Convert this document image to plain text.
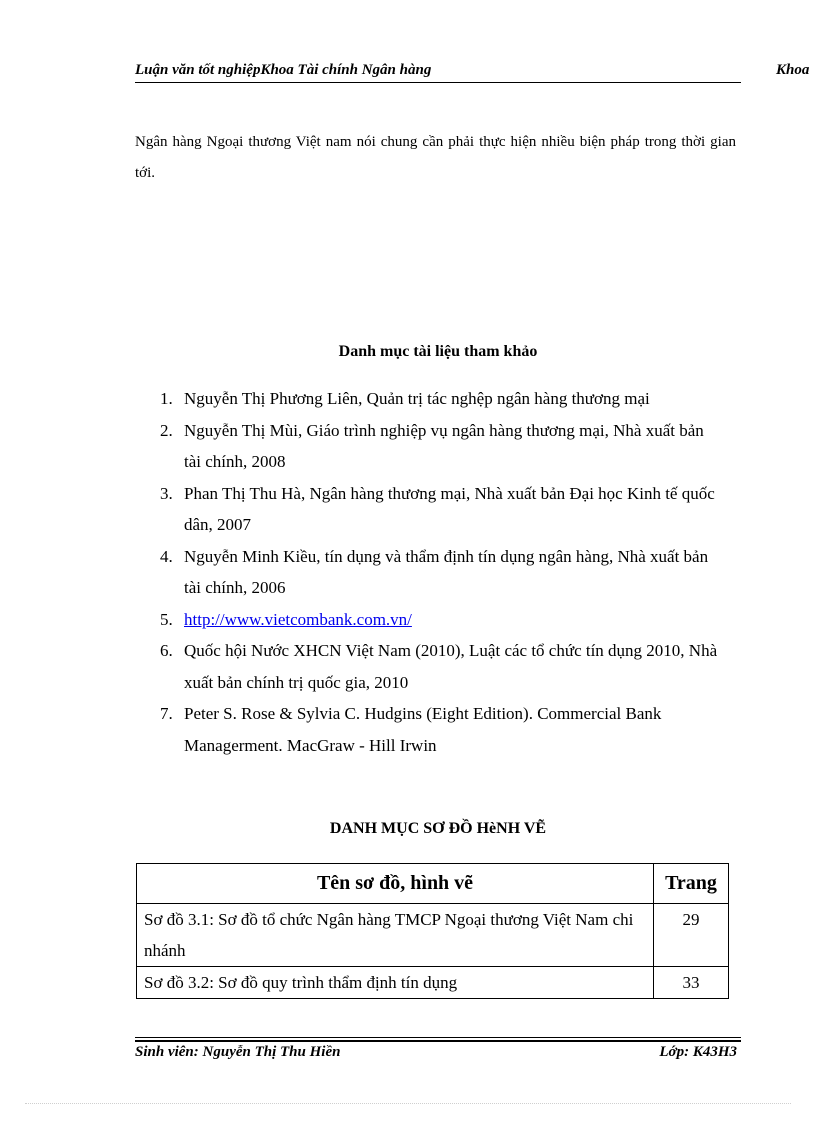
Luận văn tốt nghiệpKhoa Tài chính Ngân hàng	Khoa
Ngân hàng Ngoại thương Việt nam nói chung cần phải thực hiện nhiều biện pháp trong thời gian tới.
Danh mục tài liệu tham khảo
1. Nguyễn Thị Phương Liên, Quản trị tác nghệp ngân hàng thương mại
2. Nguyễn Thị Mùi, Giáo trình nghiệp vụ ngân hàng thương mại, Nhà xuất bản tài chính, 2008
3. Phan Thị Thu Hà, Ngân hàng thương mại, Nhà xuất bản Đại học Kinh tế quốc dân, 2007
4. Nguyễn Minh Kiều, tín dụng và thẩm định tín dụng ngân hàng, Nhà xuất bản tài chính, 2006
5. http://www.vietcombank.com.vn/
6. Quốc hội Nước XHCN Việt Nam (2010), Luật các tổ chức tín dụng 2010, Nhà xuất bản chính trị quốc gia, 2010
7. Peter S. Rose & Sylvia C. Hudgins (Eight Edition). Commercial Bank Managerment. MacGraw - Hill Irwin
DANH MỤC SƠ ĐỒ HèNH VẼ
Tên sơ đồ, hình vẽ	Trang
Sơ đồ 3.1: Sơ đồ tổ chức Ngân hàng TMCP Ngoại thương Việt Nam chi nhánh	29
Sơ đồ 3.2: Sơ đồ quy trình thẩm định tín dụng	33
Sinh viên: Nguyễn Thị Thu Hiền	Lớp: K43H3
